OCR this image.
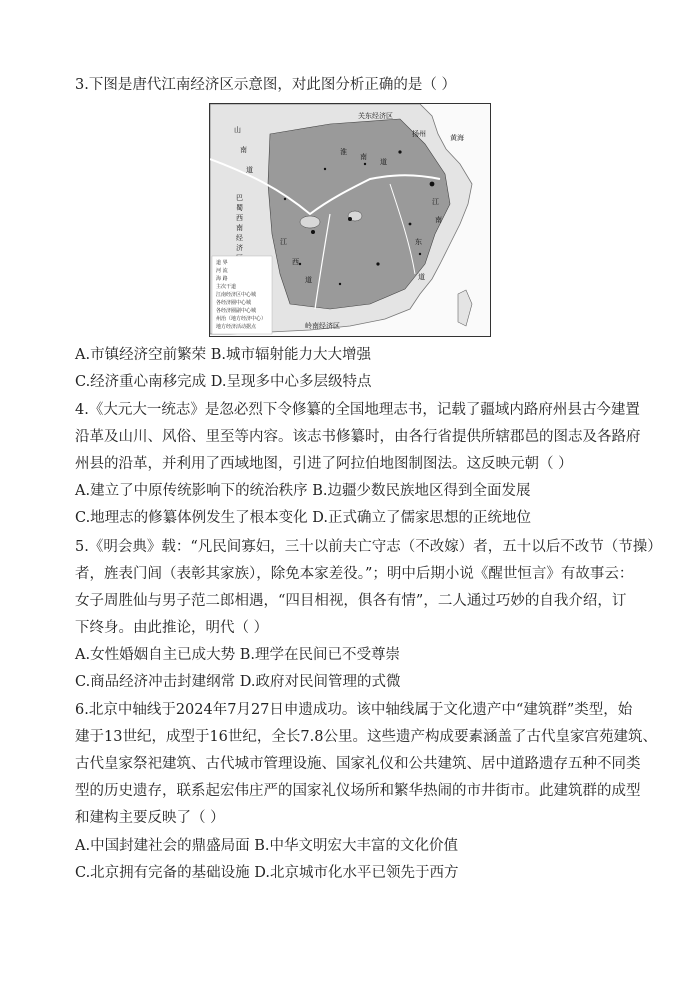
3.下图是唐代江南经济区示意图，对此图分析正确的是（ ）
关东经济区
山
南
道
淮
南
道
扬州	黄海
江
南
江
西
道
东
道
岭南经济区
巴
蜀
西
南
经
济
道 界
河 流
海 路
主次干道
江南经济区中心城
各经济圈中心城
各经济圈副中心城
州治（地方经济中心）
地方经济活动据点
A.市镇经济空前繁荣 B.城市辐射能力大大增强
C.经济重心南移完成 D.呈现多中心多层级特点
4.《大元大一统志》是忽必烈下令修纂的全国地理志书，记载了疆域内路府州县古今建置
沿革及山川、风俗、里至等内容。该志书修纂时，由各行省提供所辖郡邑的图志及各路府
州县的沿革，并利用了西域地图，引进了阿拉伯地图制图法。这反映元朝（ ）
A.建立了中原传统影响下的统治秩序 B.边疆少数民族地区得到全面发展
C.地理志的修纂体例发生了根本变化 D.正式确立了儒家思想的正统地位
5.《明会典》载：“凡民间寡妇，三十以前夫亡守志（不改嫁）者，五十以后不改节（节操）
者，旌表门闾（表彰其家族），除免本家差役。”；明中后期小说《醒世恒言》有故事云：
女子周胜仙与男子范二郎相遇，“四目相视，俱各有情”，二人通过巧妙的自我介绍，订
下终身。由此推论，明代（ ）
A.女性婚姻自主已成大势 B.理学在民间已不受尊崇
C.商品经济冲击封建纲常 D.政府对民间管理的式微
6.北京中轴线于2024年7月27日申遗成功。该中轴线属于文化遗产中“建筑群”类型，始
建于13世纪，成型于16世纪，全长7.8公里。这些遗产构成要素涵盖了古代皇家宫苑建筑、
古代皇家祭祀建筑、古代城市管理设施、国家礼仪和公共建筑、居中道路遗存五种不同类
型的历史遗存，联系起宏伟庄严的国家礼仪场所和繁华热闹的市井街市。此建筑群的成型
和建构主要反映了（ ）
A.中国封建社会的鼎盛局面 B.中华文明宏大丰富的文化价值
C.北京拥有完备的基础设施 D.北京城市化水平已领先于西方
